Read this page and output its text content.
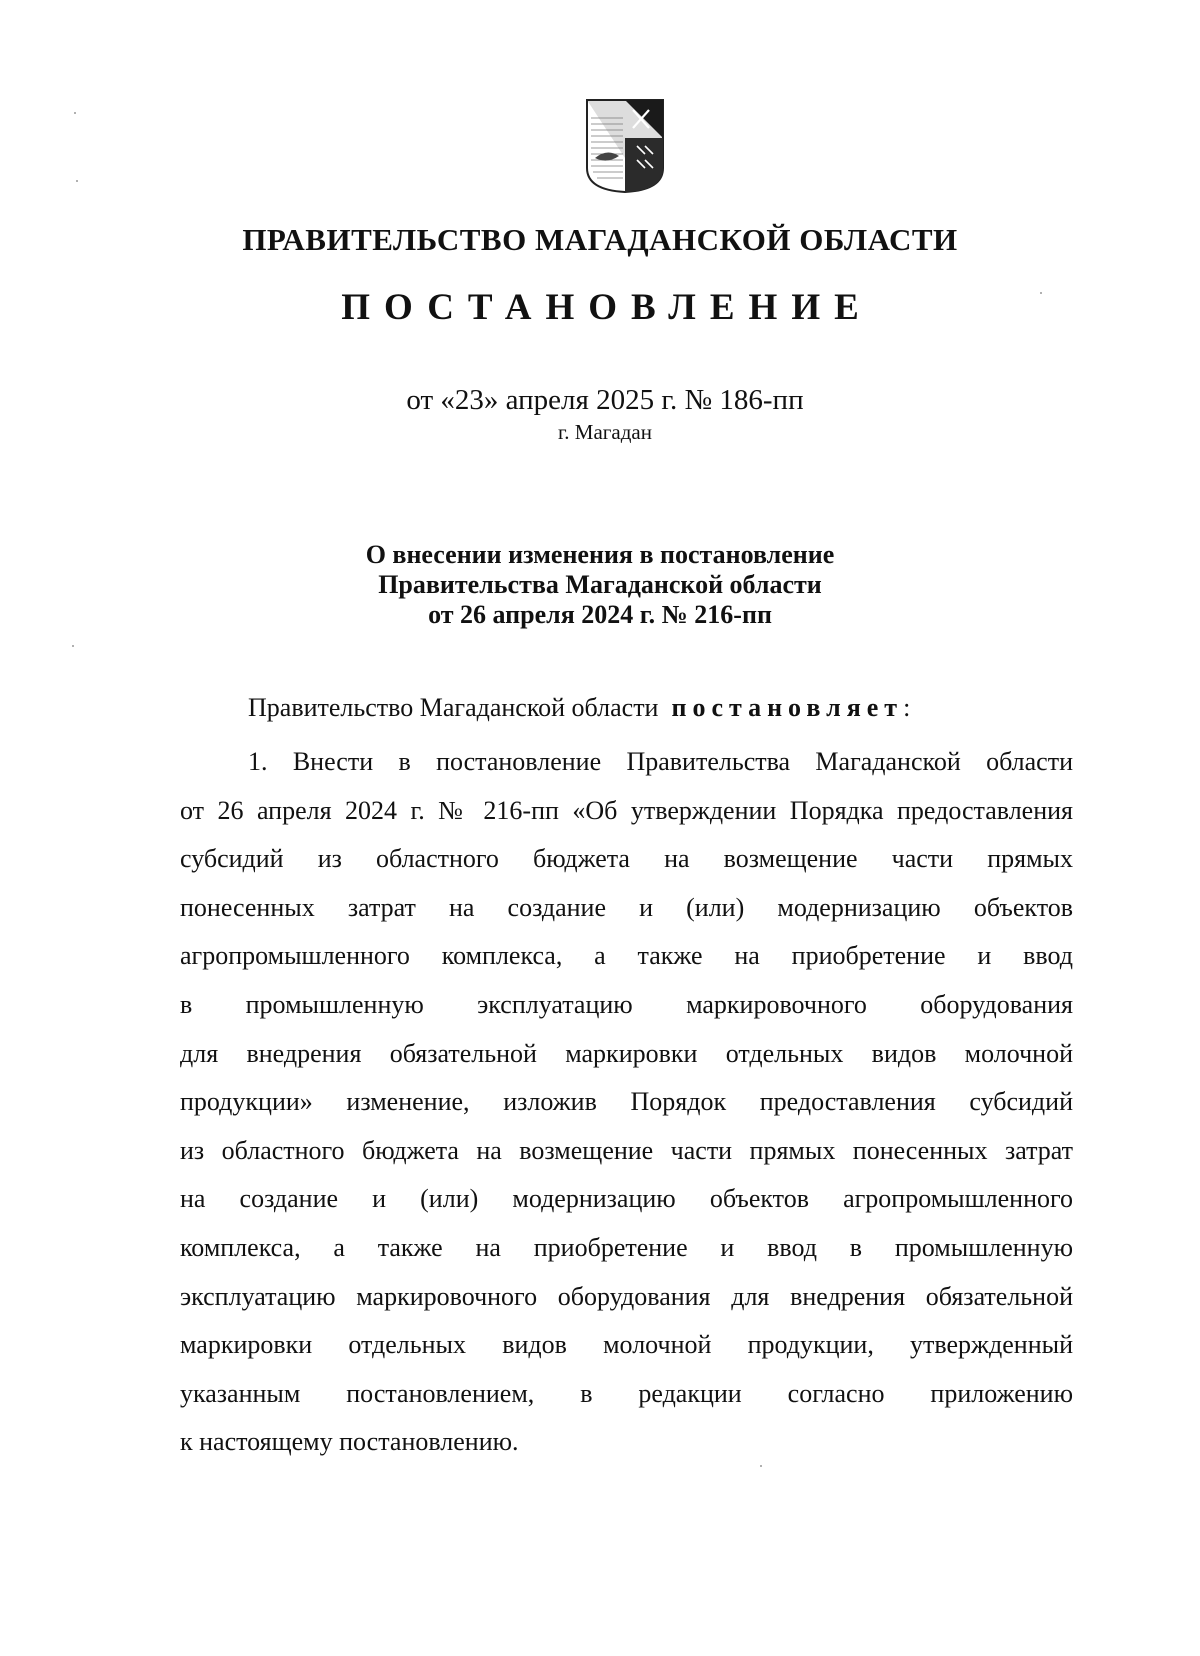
ПРАВИТЕЛЬСТВО МАГАДАНСКОЙ ОБЛАСТИ
ПОСТАНОВЛЕНИЕ
от «23» апреля 2025 г. № 186-пп
г. Магадан
О внесении изменения в постановление
Правительства Магаданской области
от 26 апреля 2024 г. № 216-пп
Правительство Магаданской области постановляет:
1. Внести в постановление Правительства Магаданской области
от 26 апреля 2024 г. № 216-пп «Об утверждении Порядка предоставления
субсидий из областного бюджета на возмещение части прямых
понесенных затрат на создание и (или) модернизацию объектов
агропромышленного комплекса, а также на приобретение и ввод
в промышленную эксплуатацию маркировочного оборудования
для внедрения обязательной маркировки отдельных видов молочной
продукции» изменение, изложив Порядок предоставления субсидий
из областного бюджета на возмещение части прямых понесенных затрат
на создание и (или) модернизацию объектов агропромышленного
комплекса, а также на приобретение и ввод в промышленную
эксплуатацию маркировочного оборудования для внедрения обязательной
маркировки отдельных видов молочной продукции, утвержденный
указанным постановлением, в редакции согласно приложению
к настоящему постановлению.
